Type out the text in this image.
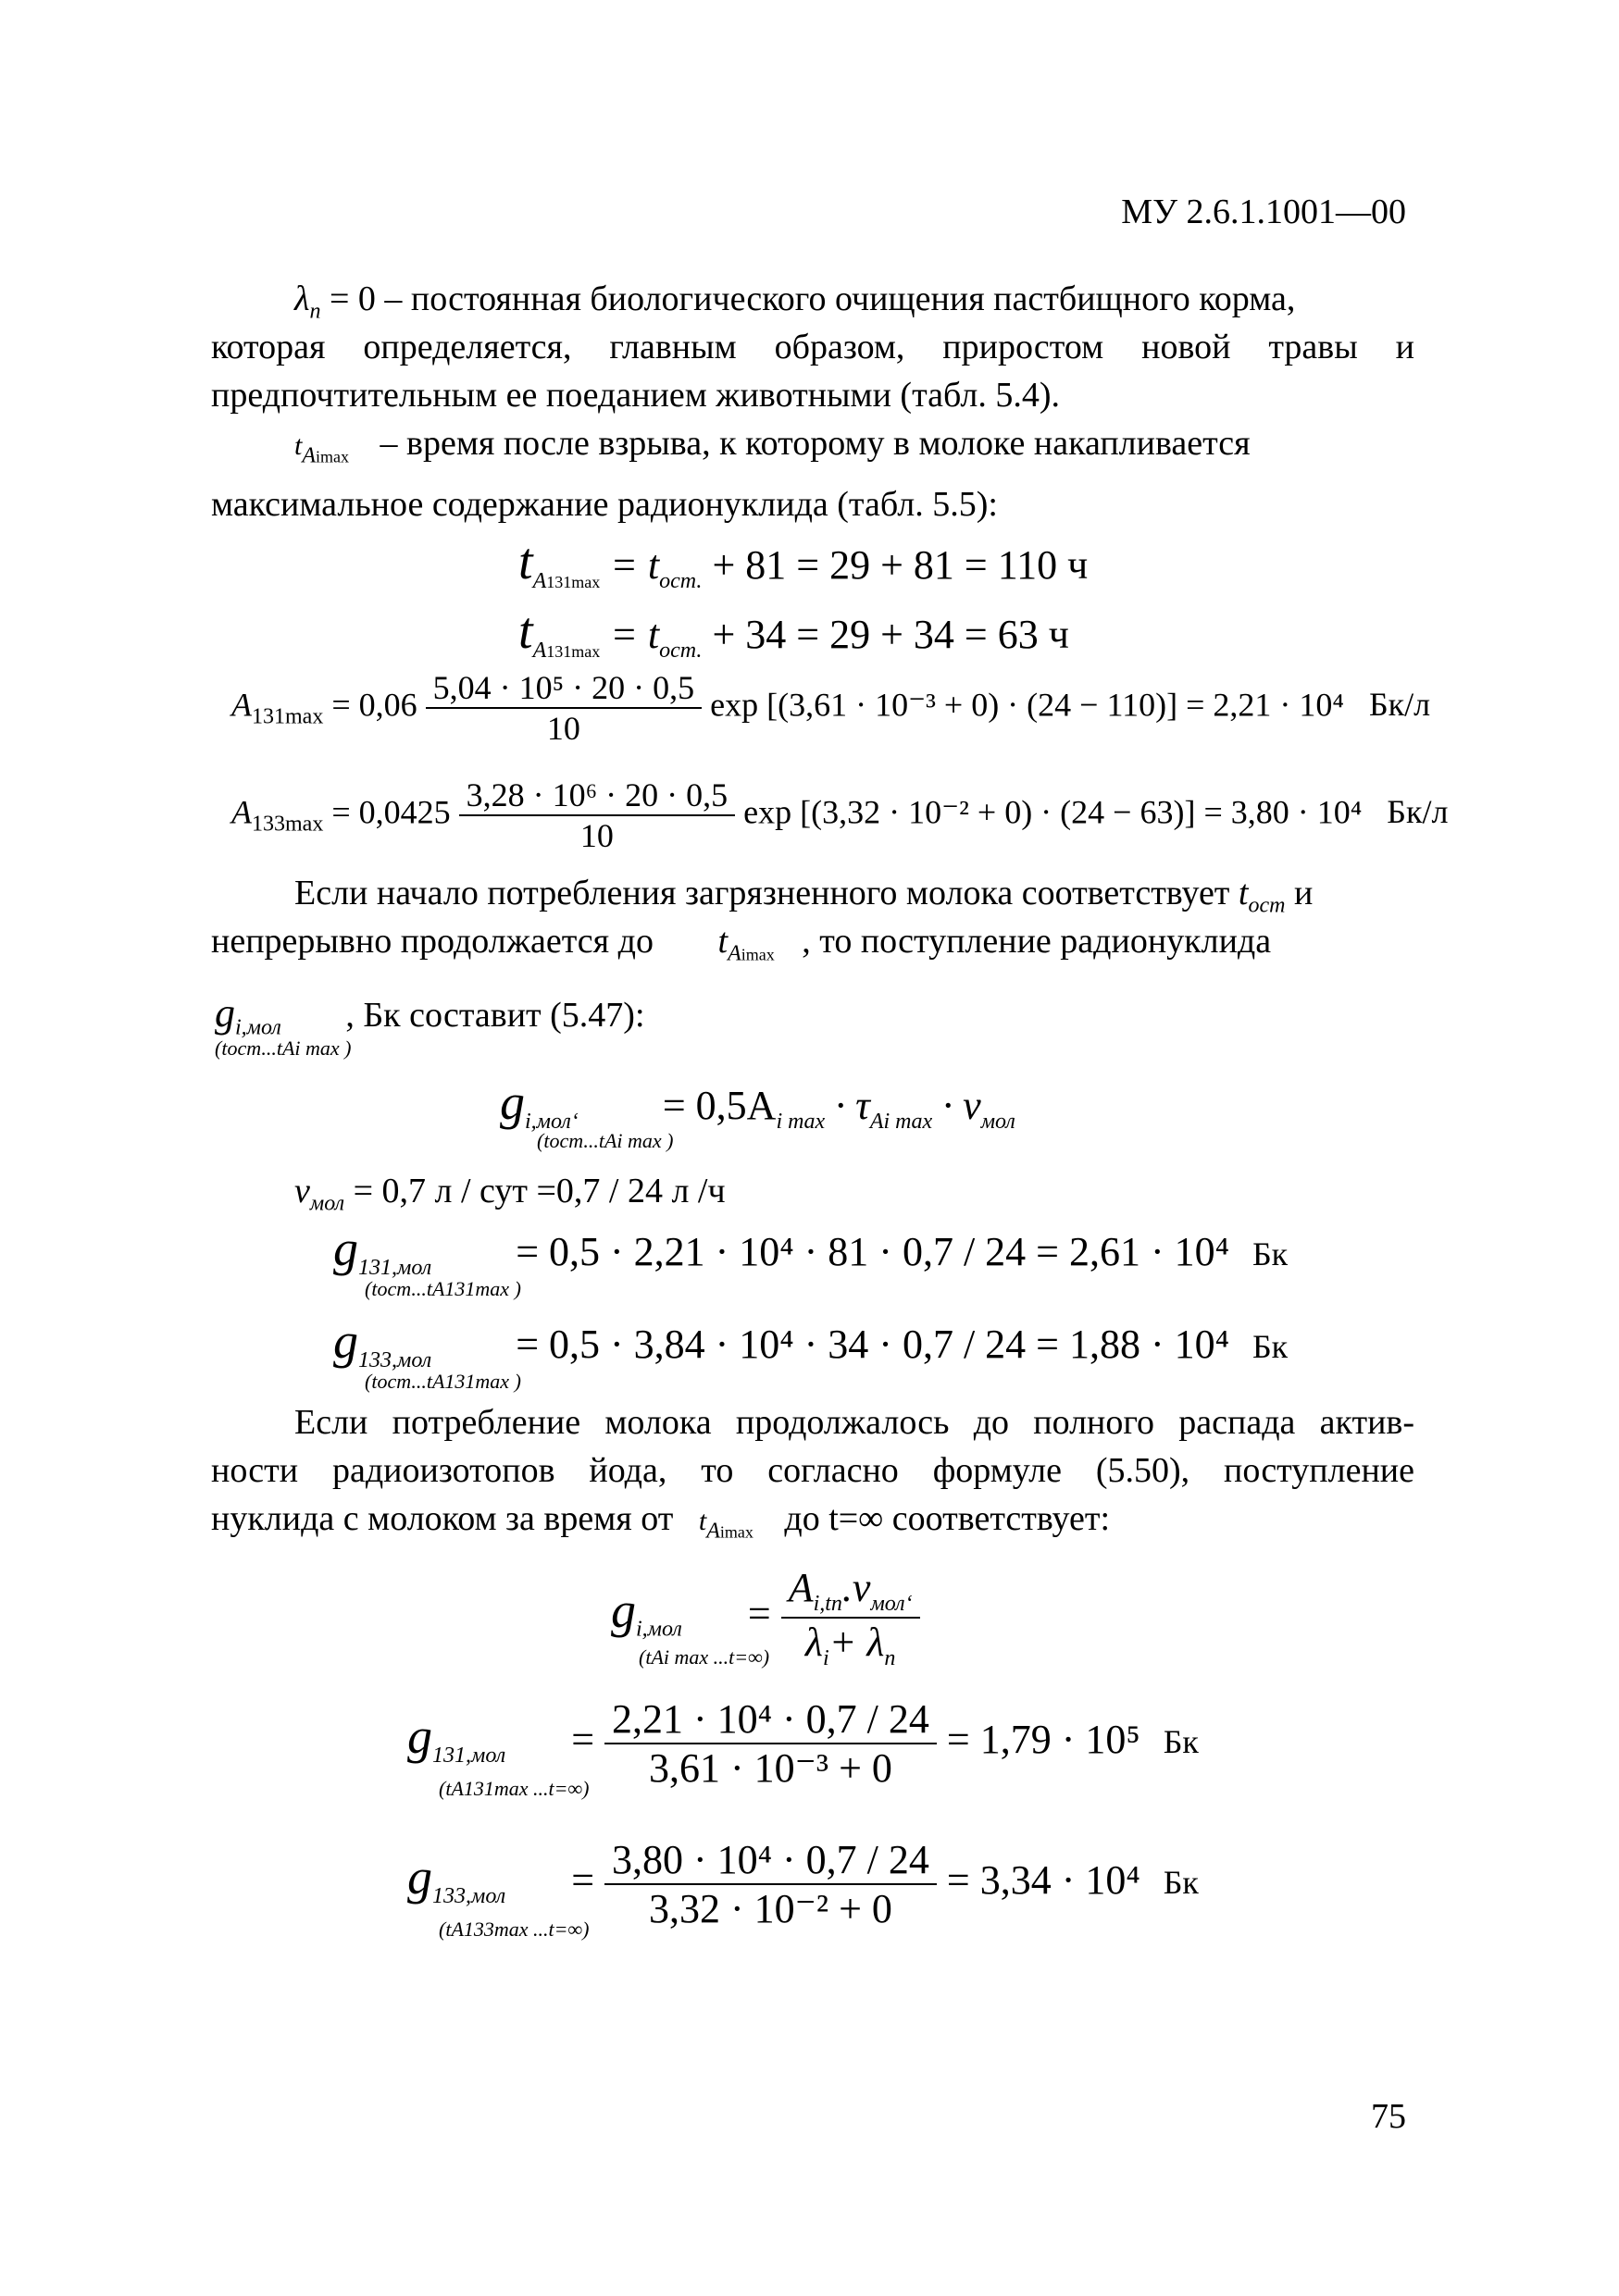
МУ 2.6.1.1001—00
$\lambda_n = 0$ – постоянная биологического очищения пастбищного корма,
которая определяется, главным образом, приростом новой травы и
предпочтительным ее поеданием животными (табл. 5.4).
$t_{Aimax}$ – время после взрыва, к которому в молоке накапливается
максимальное содержание радионуклида (табл. 5.5):
$t_{A131max} = t_{ост.} + 81 = 29 + 81 = 110$ ч
$t_{A131max} = t_{ост.} + 34 = 29 + 34 = 63$ ч
$A_{131max} = 0,06 \frac{\text{5,04 · 10⁵ · 20 · 0,5}}{10}$ exp [(3,61 · 10⁻³ + 0) · (24 − 110)] = 2,21 · 10⁴ Бк/л
$A_{133max} = 0,0425 \frac{\text{3,28 · 10⁶ · 20 · 0,5}}{10}$ exp [(3,32 · 10⁻² + 0) · (24 − 63)] = 3,80 · 10⁴ Бк/л
Если начало потребления загрязненного молока соответствует $t_{ост}$ и
непрерывно продолжается до $t_{Aimax}$ , то поступление радионуклида
$g_{i,мол}$ , Бк составит (5.47):
(tост...tAi max )
$g_{i,мол‘} = 0,5A_{i max} \cdot \tau_{Ai max} \cdot \nu_{мол}$
(tост...tAi max )
$\nu_{мол} = 0,7$ л / сут =0,7 / 24 л /ч
$g_{131,мол} = 0,5 \cdot 2,21 \cdot 10^4 \cdot 81 \cdot 0,7 / 24 = 2,61 \cdot 10^4$ Бк
(tост...tA131max )
$g_{133,мол} = 0,5 \cdot 3,84 \cdot 10^4 \cdot 34 \cdot 0,7 / 24 = 1,88 \cdot 10^4$ Бк
(tост...tA131max )
Если потребление молока продолжалось до полного распада актив-
ности радиоизотопов йода, то согласно формуле (5.50), поступление
нуклида с молоком за время от $t_{Aimax}$ до t=∞ соответствует:
$g_{i,мол} = \frac{A_{i,tn}.\nu_{мол‘}}{\lambda_i+ \lambda_n}$
(tAi max ...t=∞)
$g_{131,мол} = \frac{\text{2,21 · 10⁴ · 0,7 / 24}}{\text{3,61 · 10⁻³ + 0}} = 1,79 \cdot 10^5$ Бк
(tA131max ...t=∞)
$g_{133,мол} = \frac{\text{3,80 · 10⁴ · 0,7 / 24}}{\text{3,32 · 10⁻² + 0}} = 3,34 \cdot 10^4$ Бк
(tA133max ...t=∞)
75
